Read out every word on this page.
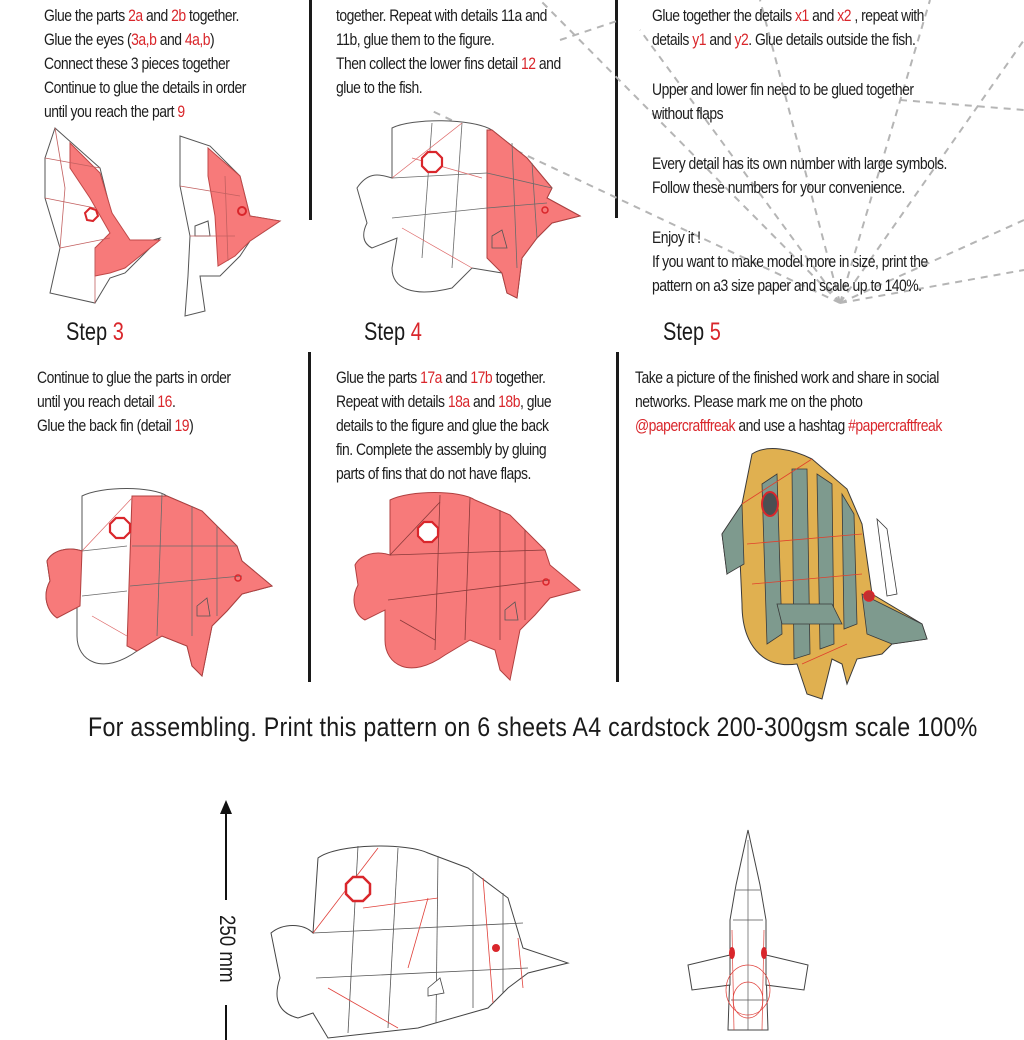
Glue the parts 2a and 2b together.
Glue the eyes (3a,b and 4a,b)
Connect these 3 pieces together
Continue to glue the details in order
until you reach the part 9
together. Repeat with details 11a and
11b, glue them to the figure.
Then collect the lower fins detail 12 and
glue to the fish.
Glue together the details x1 and x2 , repeat with
details y1 and y2. Glue details outside the fish.
Upper and lower fin need to be glued together
without flaps
Every detail has its own number with large symbols.
Follow these numbers for your convenience.
Enjoy it !
If you want to make model more in size, print the
pattern on a3 size paper and scale up to 140%.
Step 3
Continue to glue the parts in order
until you reach detail 16.
Glue the back fin (detail 19)
Step 4
Glue the parts 17a and 17b together.
Repeat with details 18a and 18b, glue
details to the figure and glue the back
fin. Complete the assembly by gluing
parts of fins that do not have flaps.
Step 5
Take a picture of the finished work and share in social
networks. Please mark me on the photo
@papercraftfreak and use a hashtag #papercraftfreak
For assembling. Print this pattern on 6 sheets A4 cardstock 200-300gsm scale 100%
250 mm
